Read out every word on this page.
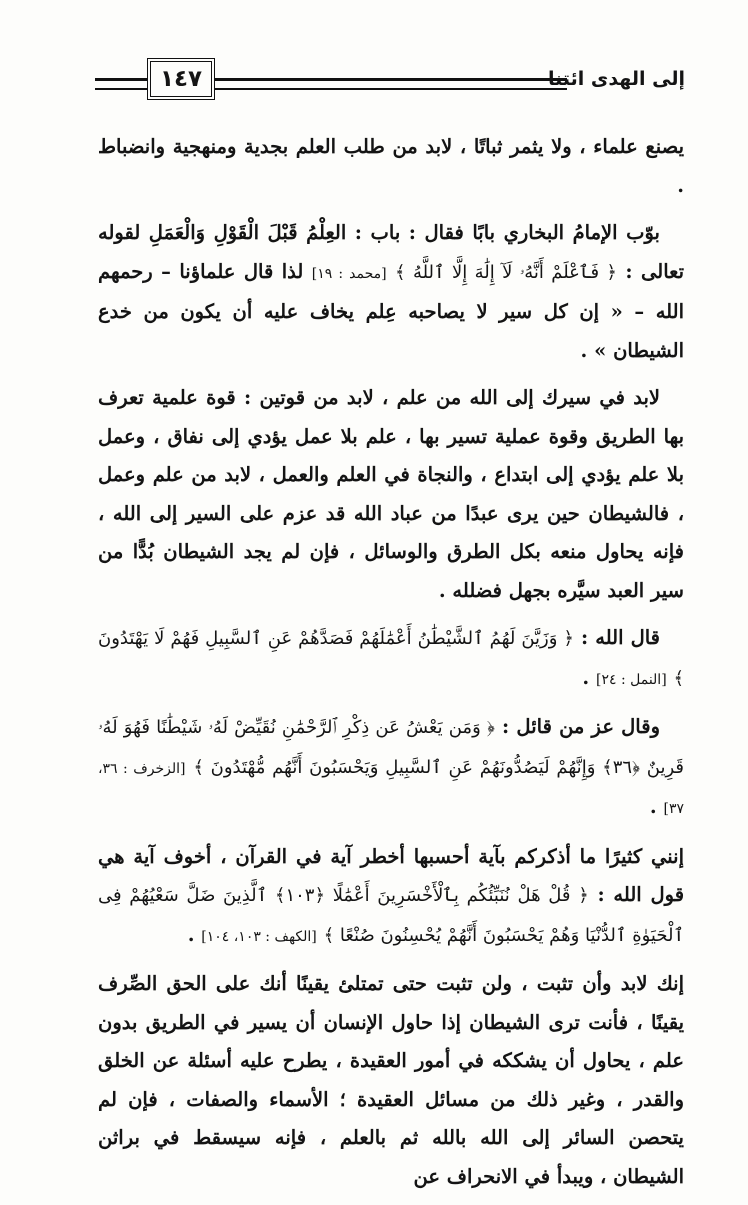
١٤٧	إلى الهدى ائتنا

يصنع علماء ، ولا يثمر ثباتًا ، لابد من طلب العلم بجدية ومنهجية وانضباط .

بوّب الإمامُ البخاري بابًا فقال : باب : العِلْمُ قَبْلَ الْقَوْلِ وَالْعَمَلِ لقوله تعالى : ﴿ فَٱعْلَمْ أَنَّهُۥ لَآ إِلَٰهَ إِلَّا ٱللَّهُ ﴾ [محمد : ١٩] لذا قال علماؤنا – رحمهم الله – « إن كل سير لا يصاحبه عِلم يخاف عليه أن يكون من خدع الشيطان » .

لابد في سيرك إلى الله من علم ، لابد من قوتين : قوة علمية تعرف بها الطريق وقوة عملية تسير بها ، علم بلا عمل يؤدي إلى نفاق ، وعمل بلا علم يؤدي إلى ابتداع ، والنجاة في العلم والعمل ، لابد من علم وعمل ، فالشيطان حين يرى عبدًا من عباد الله قد عزم على السير إلى الله ، فإنه يحاول منعه بكل الطرق والوسائل ، فإن لم يجد الشيطان بُدًّا من سير العبد سيَّره بجهل فضلله .

قال الله : ﴿ وَزَيَّنَ لَهُمُ ٱلشَّيْطَٰنُ أَعْمَٰلَهُمْ فَصَدَّهُمْ عَنِ ٱلسَّبِيلِ فَهُمْ لَا يَهْتَدُونَ ﴾ [النمل : ٢٤] .

وقال عز من قائل : ﴿ وَمَن يَعْشُ عَن ذِكْرِ ٱلرَّحْمَٰنِ نُقَيِّضْ لَهُۥ شَيْطَٰنًا فَهُوَ لَهُۥ قَرِينٌ ﴿٣٦﴾ وَإِنَّهُمْ لَيَصُدُّونَهُمْ عَنِ ٱلسَّبِيلِ وَيَحْسَبُونَ أَنَّهُم مُّهْتَدُونَ ﴾ [الزخرف : ٣٦، ٣٧] .

إنني كثيرًا ما أذكركم بآية أحسبها أخطر آية في القرآن ، أخوف آية هي قول الله : ﴿ قُلْ هَلْ نُنَبِّئُكُم بِٱلْأَخْسَرِينَ أَعْمَٰلًا ﴿١٠٣﴾ ٱلَّذِينَ ضَلَّ سَعْيُهُمْ فِى ٱلْحَيَوٰةِ ٱلدُّنْيَا وَهُمْ يَحْسَبُونَ أَنَّهُمْ يُحْسِنُونَ صُنْعًا ﴾ [الكهف : ١٠٣، ١٠٤] .

إنك لابد وأن تثبت ، ولن تثبت حتى تمتلئ يقينًا أنك على الحق الصِّرف يقينًا ، فأنت ترى الشيطان إذا حاول الإنسان أن يسير في الطريق بدون علم ، يحاول أن يشككه في أمور العقيدة ، يطرح عليه أسئلة عن الخلق والقدر ، وغير ذلك من مسائل العقيدة ؛ الأسماء والصفات ، فإن لم يتحصن السائر إلى الله بالله ثم بالعلم ، فإنه سيسقط في براثن الشيطان ، ويبدأ في الانحراف عن
